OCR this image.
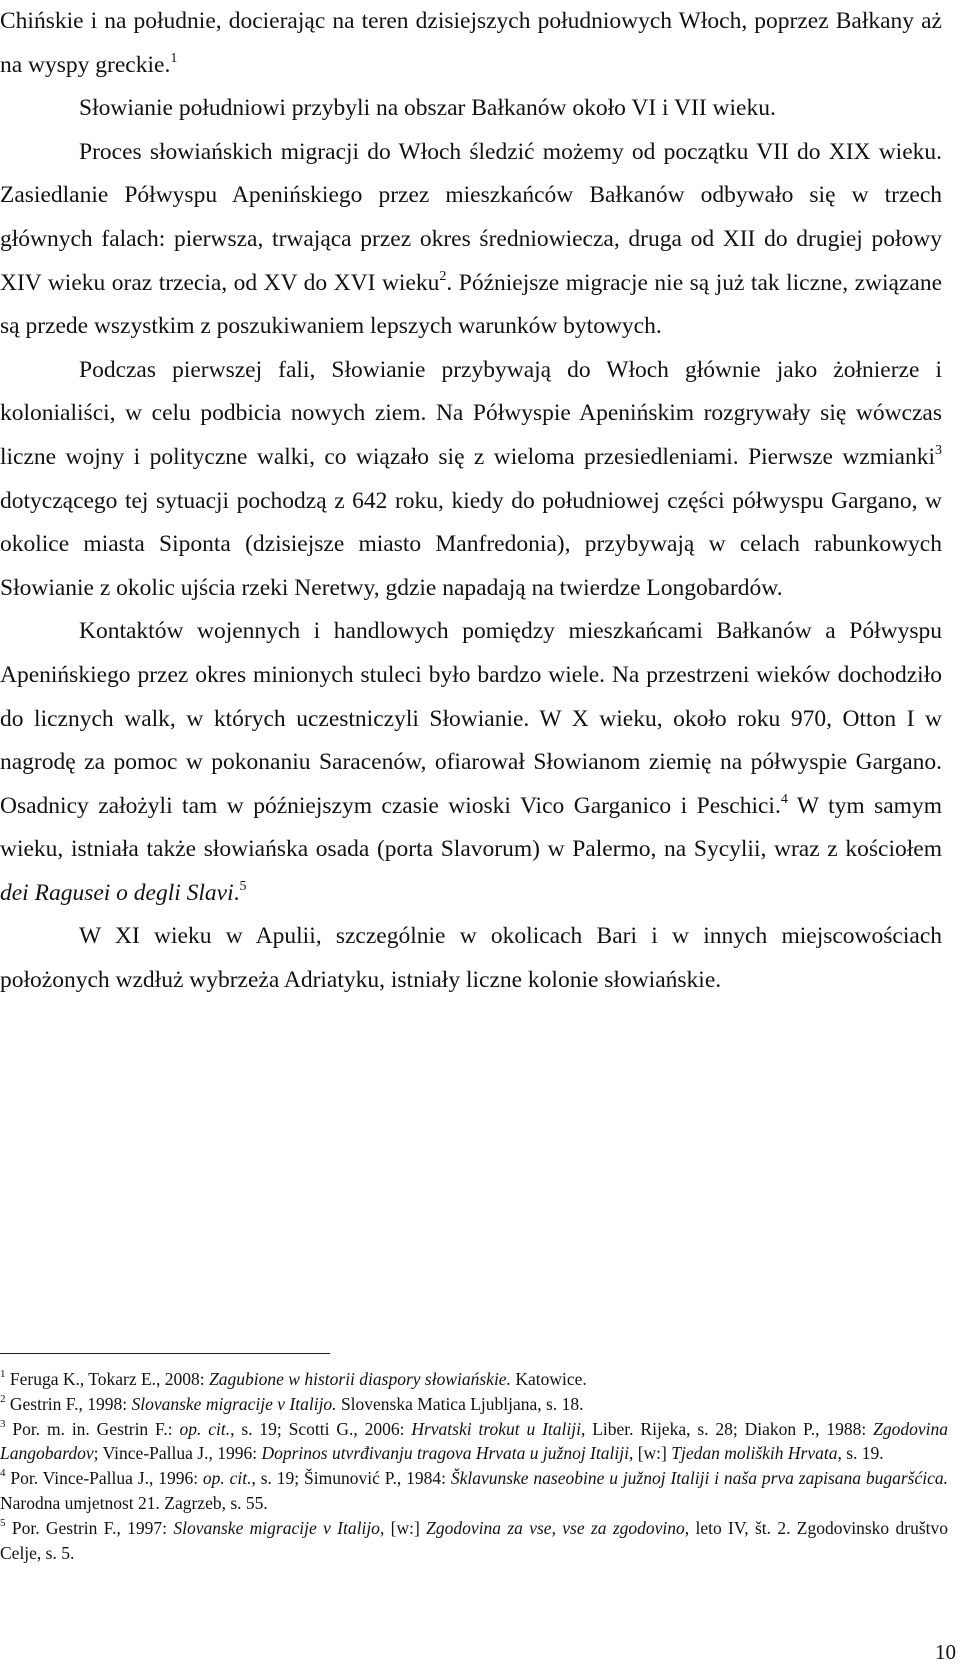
Chińskie i na południe, docierając na teren dzisiejszych południowych Włoch, poprzez Bałkany aż na wyspy greckie.$^1$

Słowianie południowi przybyli na obszar Bałkanów około VI i VII wieku.

Proces słowiańskich migracji do Włoch śledzić możemy od początku VII do XIX wieku. Zasiedlanie Półwyspu Apenińskiego przez mieszkańców Bałkanów odbywało się w trzech głównych falach: pierwsza, trwająca przez okres średniowiecza, druga od XII do drugiej połowy XIV wieku oraz trzecia, od XV do XVI wieku$^2$. Późniejsze migracje nie są już tak liczne, związane są przede wszystkim z poszukiwaniem lepszych warunków bytowych.

Podczas pierwszej fali, Słowianie przybywają do Włoch głównie jako żołnierze i kolonialiści, w celu podbicia nowych ziem. Na Półwyspie Apenińskim rozgrywały się wówczas liczne wojny i polityczne walki, co wiązało się z wieloma przesiedleniami. Pierwsze wzmianki$^3$ dotyczącego tej sytuacji pochodzą z 642 roku, kiedy do południowej części półwyspu Gargano, w okolice miasta Siponta (dzisiejsze miasto Manfredonia), przybywają w celach rabunkowych Słowianie z okolic ujścia rzeki Neretwy, gdzie napadają na twierdze Longobardów.

Kontaktów wojennych i handlowych pomiędzy mieszkańcami Bałkanów a Półwyspu Apenińskiego przez okres minionych stuleci było bardzo wiele. Na przestrzeni wieków dochodziło do licznych walk, w których uczestniczyli Słowianie. W X wieku, około roku 970, Otton I w nagrodę za pomoc w pokonaniu Saracenów, ofiarował Słowianom ziemię na półwyspie Gargano. Osadnicy założyli tam w późniejszym czasie wioski Vico Garganico i Peschici.$^4$ W tym samym wieku, istniała także słowiańska osada (porta Slavorum) w Palermo, na Sycylii, wraz z kościołem dei Ragusei o degli Slavi.$^5$

W XI wieku w Apulii, szczególnie w okolicach Bari i w innych miejscowościach położonych wzdłuż wybrzeża Adriatyku, istniały liczne kolonie słowiańskie.

$^1$ Feruga K., Tokarz E., 2008: Zagubione w historii diaspory słowiańskie. Katowice.

$^2$ Gestrin F., 1998: Slovanske migracije v Italijo. Slovenska Matica Ljubljana, s. 18.

$^3$ Por. m. in. Gestrin F.: op. cit., s. 19; Scotti G., 2006: Hrvatski trokut u Italiji, Liber. Rijeka, s. 28; Diakon P., 1988: Zgodovina Langobardov; Vince-Pallua J., 1996: Doprinos utvrđivanju tragova Hrvata u južnoj Italiji, [w:] Tjedan moliških Hrvata, s. 19.

$^4$ Por. Vince-Pallua J., 1996: op. cit., s. 19; Šimunović P., 1984: Šklavunske naseobine u južnoj Italiji i naša prva zapisana bugaršćica. Narodna umjetnost 21. Zagrzeb, s. 55.

$^5$ Por. Gestrin F., 1997: Slovanske migracije v Italijo, [w:] Zgodovina za vse, vse za zgodovino, leto IV, št. 2. Zgodovinsko društvo Celje, s. 5.

10
